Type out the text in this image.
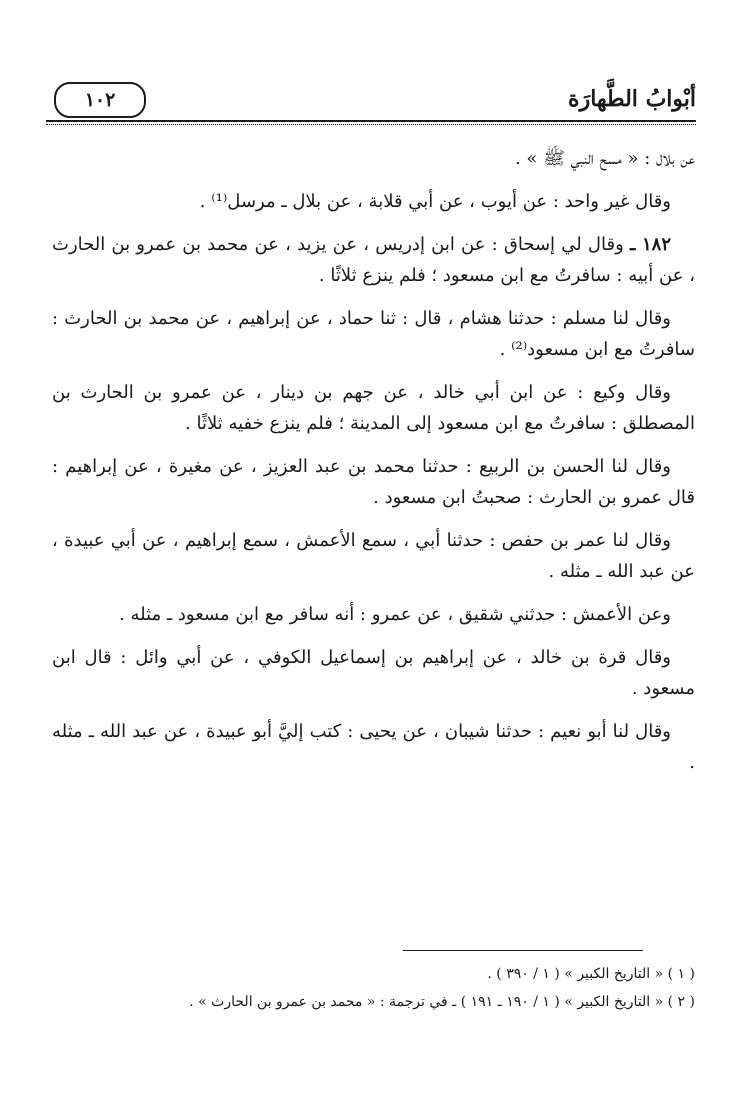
أبْوابُ الطَّهارَة
١٠٢

عن بلال : « مسح النبي ﷺ » .

وقال غير واحد : عن أيوب ، عن أبي قلابة ، عن بلال ـ مرسل⁽¹⁾ .

١٨٢ ـ وقال لي إسحاق : عن ابن إدريس ، عن يزيد ، عن محمد بن عمرو بن الحارث ، عن أبيه : سافرتُ مع ابن مسعود ؛ فلم ينزع ثلاثًا .

وقال لنا مسلم : حدثنا هشام ، قال : ثنا حماد ، عن إبراهيم ، عن محمد بن الحارث : سافرتُ مع ابن مسعود⁽²⁾ .

وقال وكيع : عن ابن أبي خالد ، عن جهم بن دينار ، عن عمرو بن الحارث بن المصطلق : سافرتُ مع ابن مسعود إلى المدينة ؛ فلم ينزع خفيه ثلاثًا .

وقال لنا الحسن بن الربيع : حدثنا محمد بن عبد العزيز ، عن مغيرة ، عن إبراهيم : قال عمرو بن الحارث : صحبتُ ابن مسعود .

وقال لنا عمر بن حفص : حدثنا أبي ، سمع الأعمش ، سمع إبراهيم ، عن أبي عبيدة ، عن عبد الله ـ مثله .

وعن الأعمش : حدثني شقيق ، عن عمرو : أنه سافر مع ابن مسعود ـ مثله .

وقال قرة بن خالد ، عن إبراهيم بن إسماعيل الكوفي ، عن أبي وائل : قال ابن مسعود .

وقال لنا أبو نعيم : حدثنا شيبان ، عن يحيى : كتب إليَّ أبو عبيدة ، عن عبد الله ـ مثله .

( ١ ) « التاريخ الكبير » ( ١ / ٣٩٠ ) .

( ٢ ) « التاريخ الكبير » ( ١ / ١٩٠ ـ ١٩١ ) ـ في ترجمة : « محمد بن عمرو بن الحارث » .
